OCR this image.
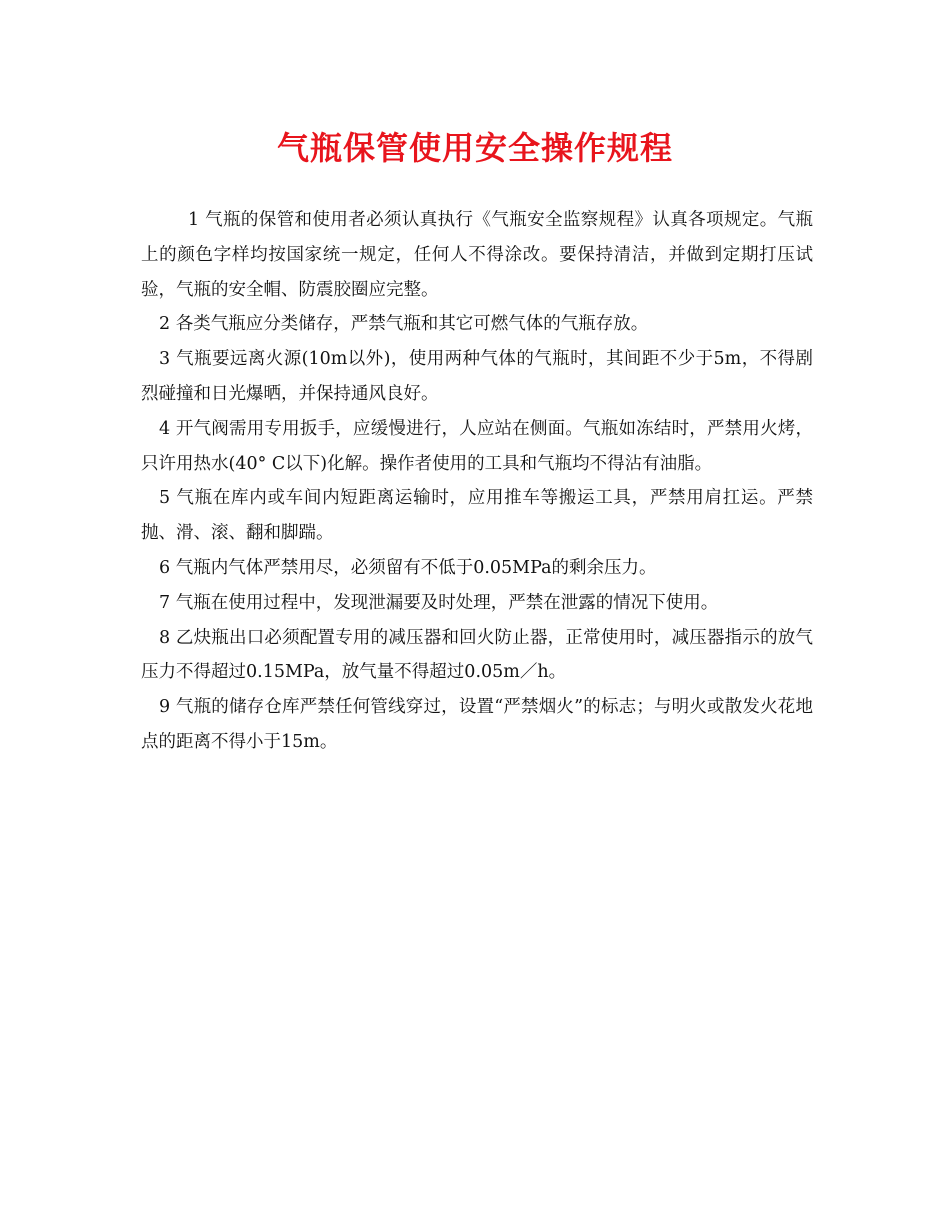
气瓶保管使用安全操作规程

1 气瓶的保管和使用者必须认真执行《气瓶安全监察规程》认真各项规定。气瓶上的颜色字样均按国家统一规定，任何人不得涂改。要保持清洁，并做到定期打压试验，气瓶的安全帽、防震胶圈应完整。

2 各类气瓶应分类储存，严禁气瓶和其它可燃气体的气瓶存放。

3 气瓶要远离火源(10m以外)，使用两种气体的气瓶时，其间距不少于5m，不得剧烈碰撞和日光爆晒，并保持通风良好。

4 开气阀需用专用扳手，应缓慢进行，人应站在侧面。气瓶如冻结时，严禁用火烤，只许用热水(40° C以下)化解。操作者使用的工具和气瓶均不得沾有油脂。

5 气瓶在库内或车间内短距离运输时，应用推车等搬运工具，严禁用肩扛运。严禁抛、滑、滚、翻和脚踹。

6 气瓶内气体严禁用尽，必须留有不低于0.05MPa的剩余压力。

7 气瓶在使用过程中，发现泄漏要及时处理，严禁在泄露的情况下使用。

8 乙炔瓶出口必须配置专用的减压器和回火防止器，正常使用时，减压器指示的放气压力不得超过0.15MPa，放气量不得超过0.05m／h。

9 气瓶的储存仓库严禁任何管线穿过，设置“严禁烟火”的标志；与明火或散发火花地点的距离不得小于15m。
